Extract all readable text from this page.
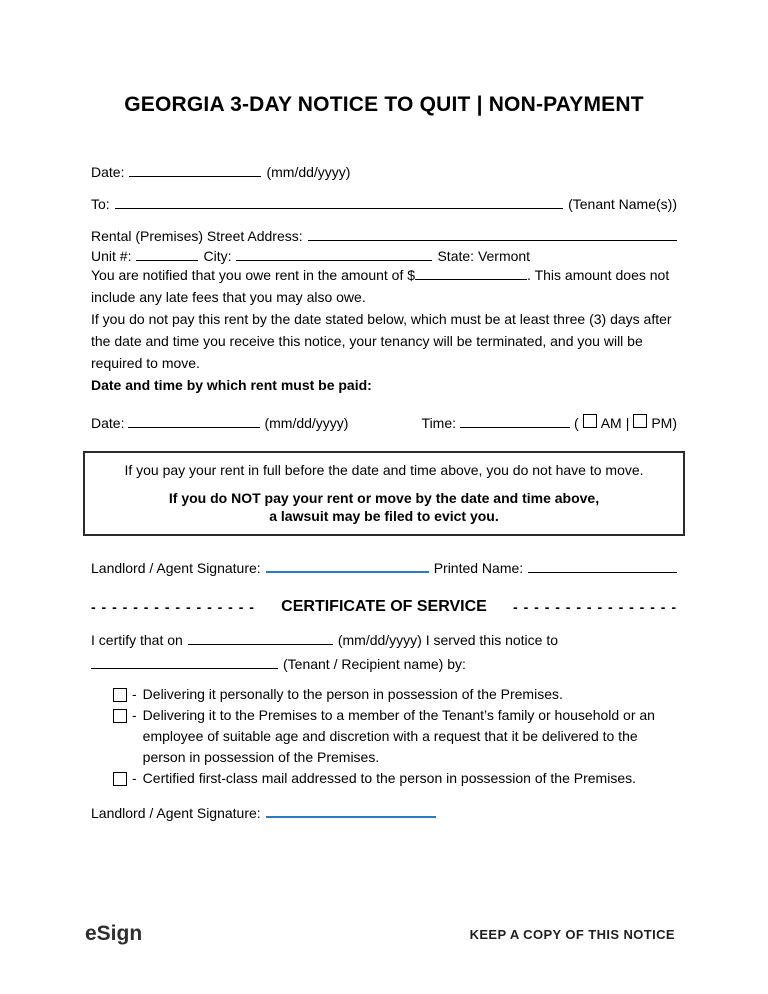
GEORGIA 3-DAY NOTICE TO QUIT | NON-PAYMENT
Date:	(mm/dd/yyyy)
To:	(Tenant Name(s))
Rental (Premises) Street Address:
Unit #:	City:	State: Vermont

You are notified that you owe rent in the amount of $	. This amount does not include any late fees that you may also owe.

If you do not pay this rent by the date stated below, which must be at least three (3) days after the date and time you receive this notice, your tenancy will be terminated, and you will be required to move.

Date and time by which rent must be paid:

Date:	(mm/dd/yyyy)	Time:	( AM | PM)

If you pay your rent in full before the date and time above, you do not have to move.

If you do NOT pay your rent or move by the date and time above,

a lawsuit may be filed to evict you.

Landlord / Agent Signature:	Printed Name:
- - - - - - - - - - - - - - - - CERTIFICATE OF SERVICE - - - - - - - - - - - - - - - -
I certify that on	(mm/dd/yyyy) I served this notice to
(Tenant / Recipient name) by:
- Delivering it personally to the person in possession of the Premises.
- Delivering it to the Premises to a member of the Tenant’s family or household or an employee of suitable age and discretion with a request that it be delivered to the person in possession of the Premises.
- Certified first-class mail addressed to the person in possession of the Premises.
Landlord / Agent Signature:
eSign	KEEP A COPY OF THIS NOTICE
